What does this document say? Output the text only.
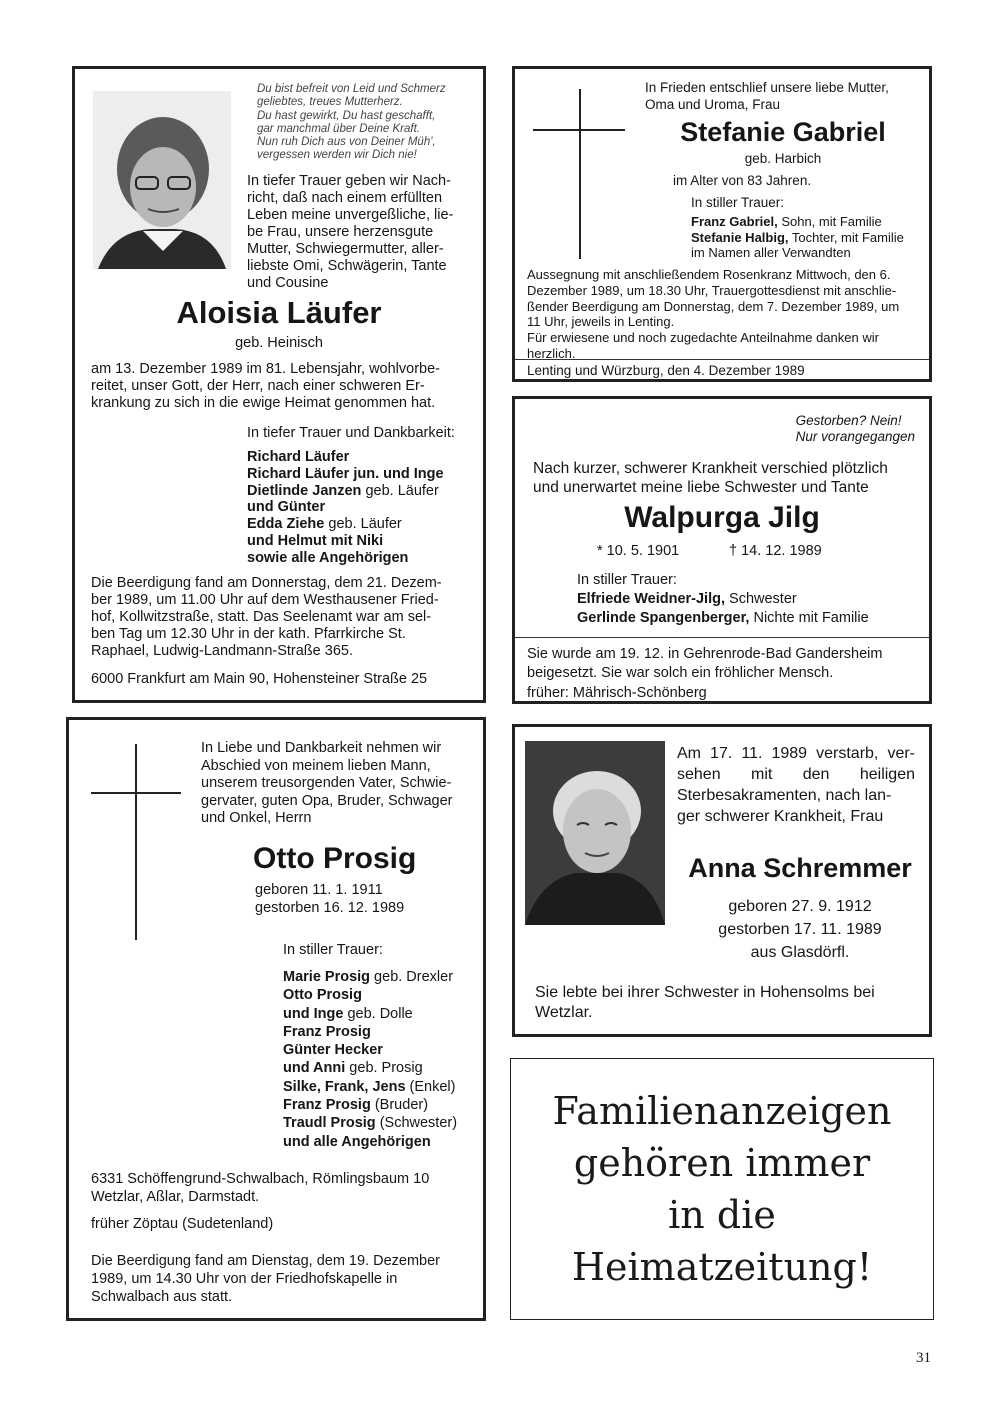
Du bist befreit von Leid und Schmerz
geliebtes, treues Mutterherz.
Du hast gewirkt, Du hast geschafft,
gar manchmal über Deine Kraft.
Nun ruh Dich aus von Deiner Müh',
vergessen werden wir Dich nie!
In tiefer Trauer geben wir Nach-
richt, daß nach einem erfüllten
Leben meine unvergeßliche, lie-
be Frau, unsere herzensgute
Mutter, Schwiegermutter, aller-
liebste Omi, Schwägerin, Tante
und Cousine
Aloisia Läufer
geb. Heinisch
am 13. Dezember 1989 im 81. Lebensjahr, wohlvorbe-
reitet, unser Gott, der Herr, nach einer schweren Er-
krankung zu sich in die ewige Heimat genommen hat.
In tiefer Trauer und Dankbarkeit:
Richard Läufer
Richard Läufer jun. und Inge
Dietlinde Janzen geb. Läufer
und Günter
Edda Ziehe geb. Läufer
und Helmut mit Niki
sowie alle Angehörigen
Die Beerdigung fand am Donnerstag, dem 21. Dezem-
ber 1989, um 11.00 Uhr auf dem Westhausener Fried-
hof, Kollwitzstraße, statt. Das Seelenamt war am sel-
ben Tag um 12.30 Uhr in der kath. Pfarrkirche St.
Raphael, Ludwig-Landmann-Straße 365.
6000 Frankfurt am Main 90, Hohensteiner Straße 25
In Frieden entschlief unsere liebe Mutter,
Oma und Uroma, Frau
Stefanie Gabriel
geb. Harbich
im Alter von 83 Jahren.
In stiller Trauer:
Franz Gabriel, Sohn, mit Familie
Stefanie Halbig, Tochter, mit Familie
im Namen aller Verwandten
Aussegnung mit anschließendem Rosenkranz Mittwoch, den 6.
Dezember 1989, um 18.30 Uhr, Trauergottesdienst mit anschlie-
ßender Beerdigung am Donnerstag, dem 7. Dezember 1989, um
11 Uhr, jeweils in Lenting.
Für erwiesene und noch zugedachte Anteilnahme danken wir
herzlich.
Lenting und Würzburg, den 4. Dezember 1989
Gestorben? Nein!
Nur vorangegangen
Nach kurzer, schwerer Krankheit verschied plötzlich
und unerwartet meine liebe Schwester und Tante
Walpurga Jilg
* 10. 5. 1901	† 14. 12. 1989
In stiller Trauer:
Elfriede Weidner-Jilg, Schwester
Gerlinde Spangenberger, Nichte mit Familie
Sie wurde am 19. 12. in Gehrenrode-Bad Gandersheim
beigesetzt. Sie war solch ein fröhlicher Mensch.
früher: Mährisch-Schönberg
In Liebe und Dankbarkeit nehmen wir
Abschied von meinem lieben Mann,
unserem treusorgenden Vater, Schwie-
gervater, guten Opa, Bruder, Schwager
und Onkel, Herrn
Otto Prosig
geboren 11. 1. 1911
gestorben 16. 12. 1989
In stiller Trauer:
Marie Prosig geb. Drexler
Otto Prosig
und Inge geb. Dolle
Franz Prosig
Günter Hecker
und Anni geb. Prosig
Silke, Frank, Jens (Enkel)
Franz Prosig (Bruder)
Traudl Prosig (Schwester)
und alle Angehörigen
6331 Schöffengrund-Schwalbach, Römlingsbaum 10
Wetzlar, Aßlar, Darmstadt.
früher Zöptau (Sudetenland)
Die Beerdigung fand am Dienstag, dem 19. Dezember
1989, um 14.30 Uhr von der Friedhofskapelle in
Schwalbach aus statt.
Am 17. 11. 1989 verstarb, ver-
sehen mit den heiligen
Sterbesakramenten, nach lan-
ger schwerer Krankheit, Frau
Anna Schremmer
geboren 27. 9. 1912
gestorben 17. 11. 1989
aus Glasdörfl.
Sie lebte bei ihrer Schwester in Hohensolms bei
Wetzlar.
Familienanzeigen
gehören immer
in die
Heimatzeitung!
31
